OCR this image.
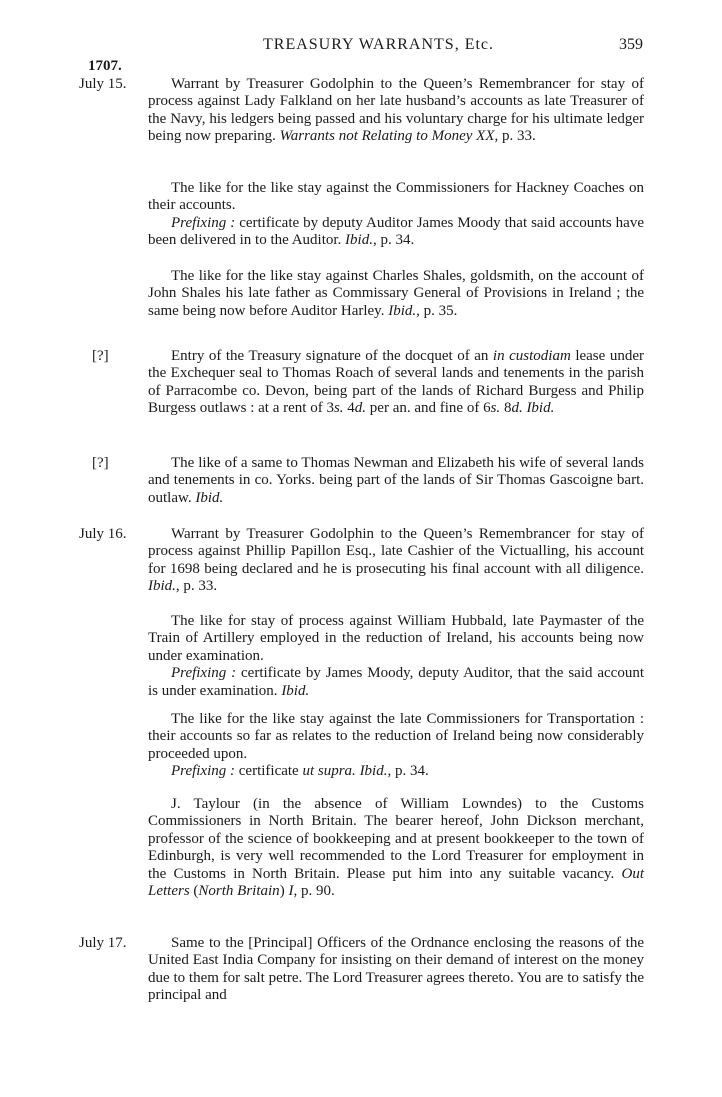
TREASURY WARRANTS, Etc.	359
1707.
July 15.	Warrant by Treasurer Godolphin to the Queen’s Remembrancer for stay of process against Lady Falkland on her late husband’s accounts as late Treasurer of the Navy, his ledgers being passed and his voluntary charge for his ultimate ledger being now preparing. Warrants not Relating to Money XX, p. 33.

The like for the like stay against the Commissioners for Hackney Coaches on their accounts.

Prefixing : certificate by deputy Auditor James Moody that said accounts have been delivered in to the Auditor. Ibid., p. 34.

The like for the like stay against Charles Shales, goldsmith, on the account of John Shales his late father as Commissary General of Provisions in Ireland ; the same being now before Auditor Harley. Ibid., p. 35.

[?]	Entry of the Treasury signature of the docquet of an in custodiam lease under the Exchequer seal to Thomas Roach of several lands and tenements in the parish of Parracombe co. Devon, being part of the lands of Richard Burgess and Philip Burgess outlaws : at a rent of 3s. 4d. per an. and fine of 6s. 8d. Ibid.

[?]	The like of a same to Thomas Newman and Elizabeth his wife of several lands and tenements in co. Yorks. being part of the lands of Sir Thomas Gascoigne bart. outlaw. Ibid.

July 16.	Warrant by Treasurer Godolphin to the Queen’s Remembrancer for stay of process against Phillip Papillon Esq., late Cashier of the Victualling, his account for 1698 being declared and he is prosecuting his final account with all diligence. Ibid., p. 33.

The like for stay of process against William Hubbald, late Paymaster of the Train of Artillery employed in the reduction of Ireland, his accounts being now under examination.

Prefixing : certificate by James Moody, deputy Auditor, that the said account is under examination. Ibid.

The like for the like stay against the late Commissioners for Transportation : their accounts so far as relates to the reduction of Ireland being now considerably proceeded upon.

Prefixing : certificate ut supra. Ibid., p. 34.

J. Taylour (in the absence of William Lowndes) to the Customs Commissioners in North Britain. The bearer hereof, John Dickson merchant, professor of the science of bookkeeping and at present bookkeeper to the town of Edinburgh, is very well recommended to the Lord Treasurer for employment in the Customs in North Britain. Please put him into any suitable vacancy. Out Letters (North Britain) I, p. 90.

July 17.	Same to the [Principal] Officers of the Ordnance enclosing the reasons of the United East India Company for insisting on their demand of interest on the money due to them for salt petre. The Lord Treasurer agrees thereto. You are to satisfy the principal and
